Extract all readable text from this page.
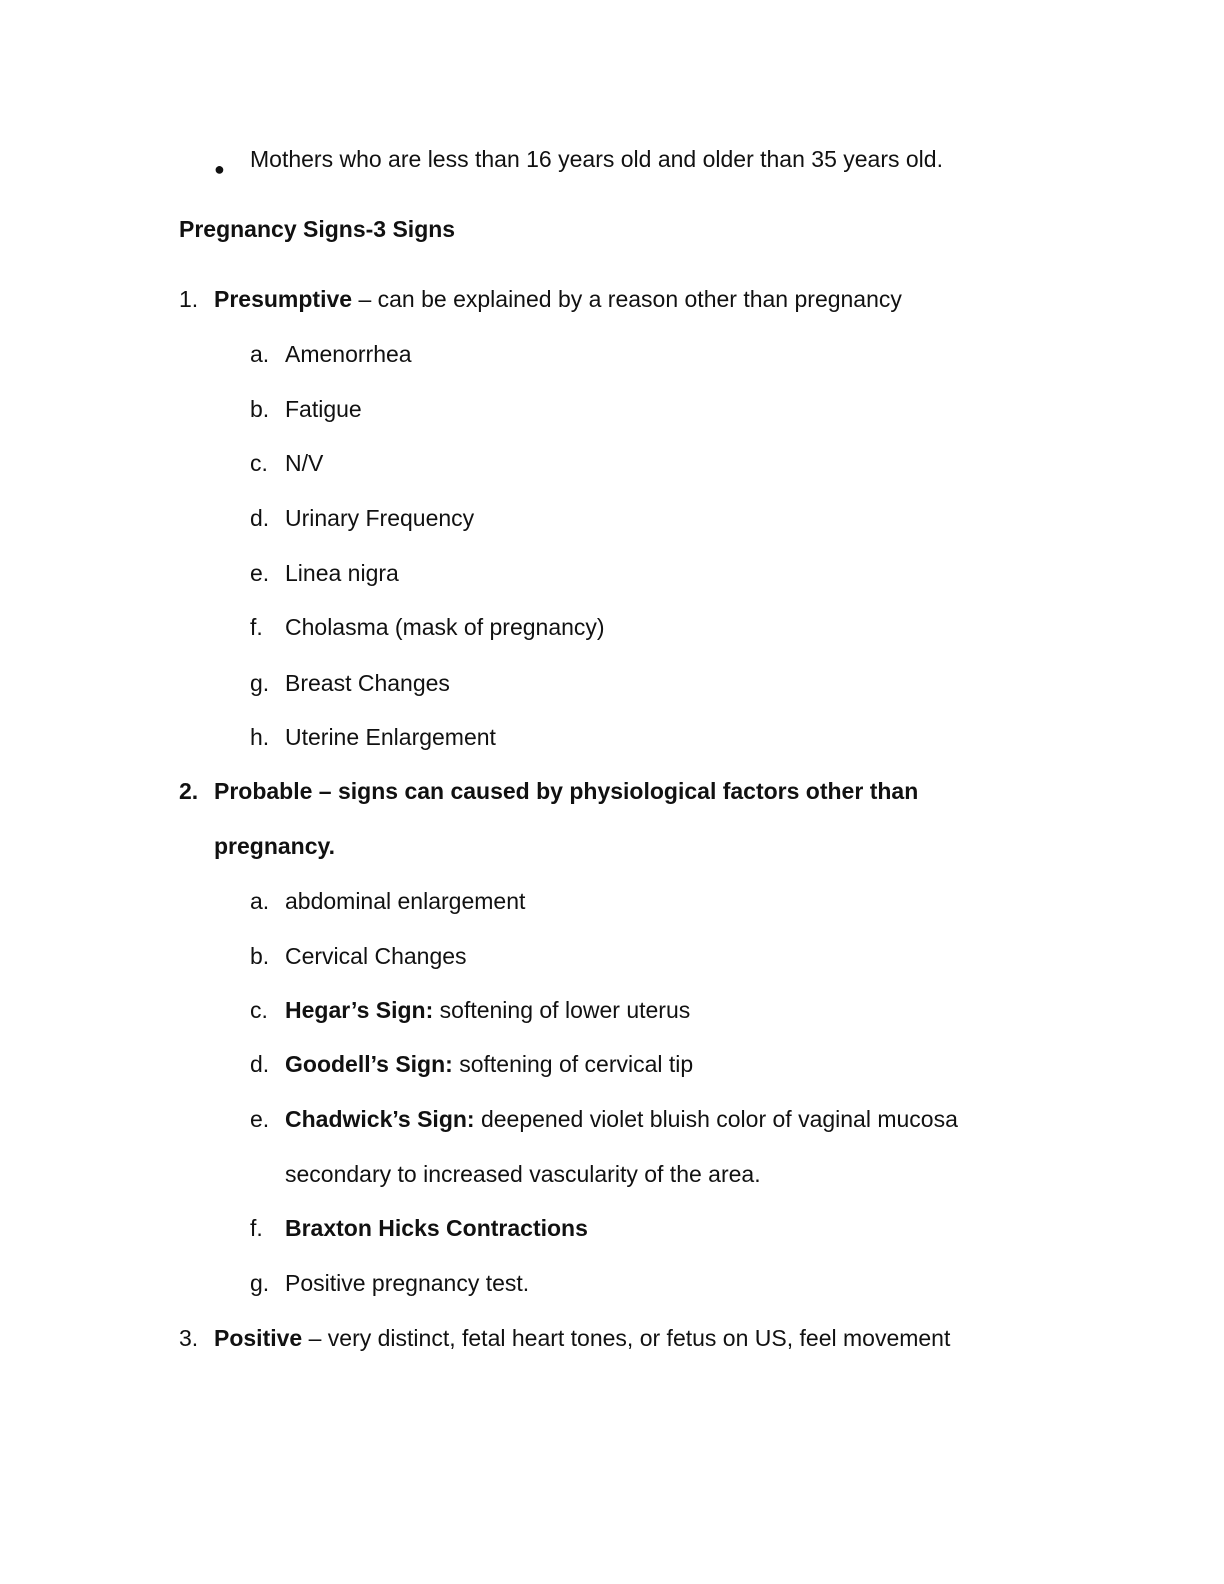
● Mothers who are less than 16 years old and older than 35 years old.
Pregnancy Signs-3 Signs
1. Presumptive – can be explained by a reason other than pregnancy
a. Amenorrhea
b. Fatigue
c. N/V
d. Urinary Frequency
e. Linea nigra
f. Cholasma (mask of pregnancy)
g. Breast Changes
h. Uterine Enlargement
2. Probable – signs can caused by physiological factors other than
pregnancy.
a. abdominal enlargement
b. Cervical Changes
c. Hegar’s Sign: softening of lower uterus
d. Goodell’s Sign: softening of cervical tip
e. Chadwick’s Sign: deepened violet bluish color of vaginal mucosa
secondary to increased vascularity of the area.
f. Braxton Hicks Contractions
g. Positive pregnancy test.
3. Positive – very distinct, fetal heart tones, or fetus on US, feel movement
